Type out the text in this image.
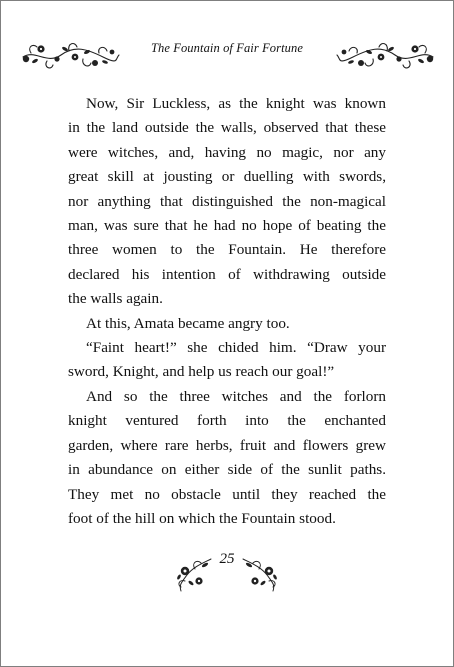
The Fountain of Fair Fortune

Now, Sir Luckless, as the knight was known
in the land outside the walls, observed that these
were witches, and, having no magic, nor any
great skill at jousting or duelling with swords,
nor anything that distinguished the non-magical
man, was sure that he had no hope of beating the
three women to the Fountain. He therefore
declared his intention of withdrawing outside
the walls again.

At this, Amata became angry too.

“Faint heart!” she chided him. “Draw your
sword, Knight, and help us reach our goal!”

And so the three witches and the forlorn
knight ventured forth into the enchanted
garden, where rare herbs, fruit and flowers grew
in abundance on either side of the sunlit paths.
They met no obstacle until they reached the
foot of the hill on which the Fountain stood.

25
